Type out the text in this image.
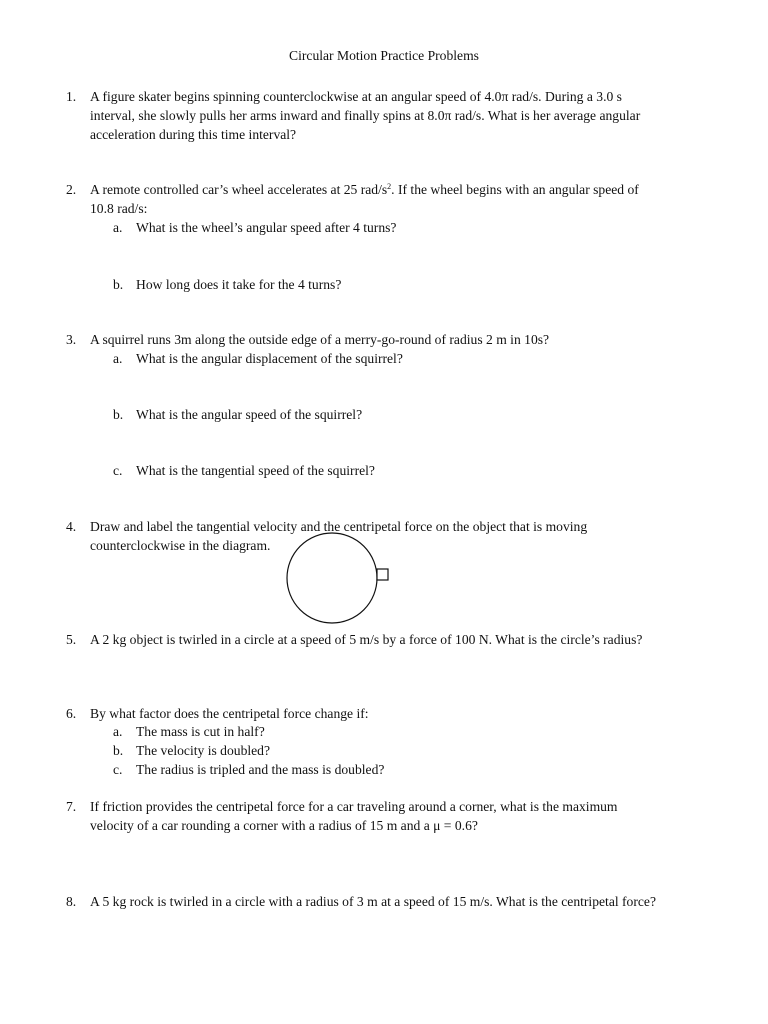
Circular Motion Practice Problems
1. A figure skater begins spinning counterclockwise at an angular speed of 4.0π rad/s. During a 3.0 s
interval, she slowly pulls her arms inward and finally spins at 8.0π rad/s. What is her average angular
acceleration during this time interval?
2. A remote controlled car’s wheel accelerates at 25 rad/$s^2$. If the wheel begins with an angular speed of
10.8 rad/s:
a. What is the wheel’s angular speed after 4 turns?
b. How long does it take for the 4 turns?
3. A squirrel runs 3m along the outside edge of a merry-go-round of radius 2 m in 10s?
a. What is the angular displacement of the squirrel?
b. What is the angular speed of the squirrel?
c. What is the tangential speed of the squirrel?
4. Draw and label the tangential velocity and the centripetal force on the object that is moving
counterclockwise in the diagram.
5. A 2 kg object is twirled in a circle at a speed of 5 m/s by a force of 100 N. What is the circle’s radius?
6. By what factor does the centripetal force change if:
a. The mass is cut in half?
b. The velocity is doubled?
c. The radius is tripled and the mass is doubled?
7. If friction provides the centripetal force for a car traveling around a corner, what is the maximum
velocity of a car rounding a corner with a radius of 15 m and a μ = 0.6?
8. A 5 kg rock is twirled in a circle with a radius of 3 m at a speed of 15 m/s. What is the centripetal force?
